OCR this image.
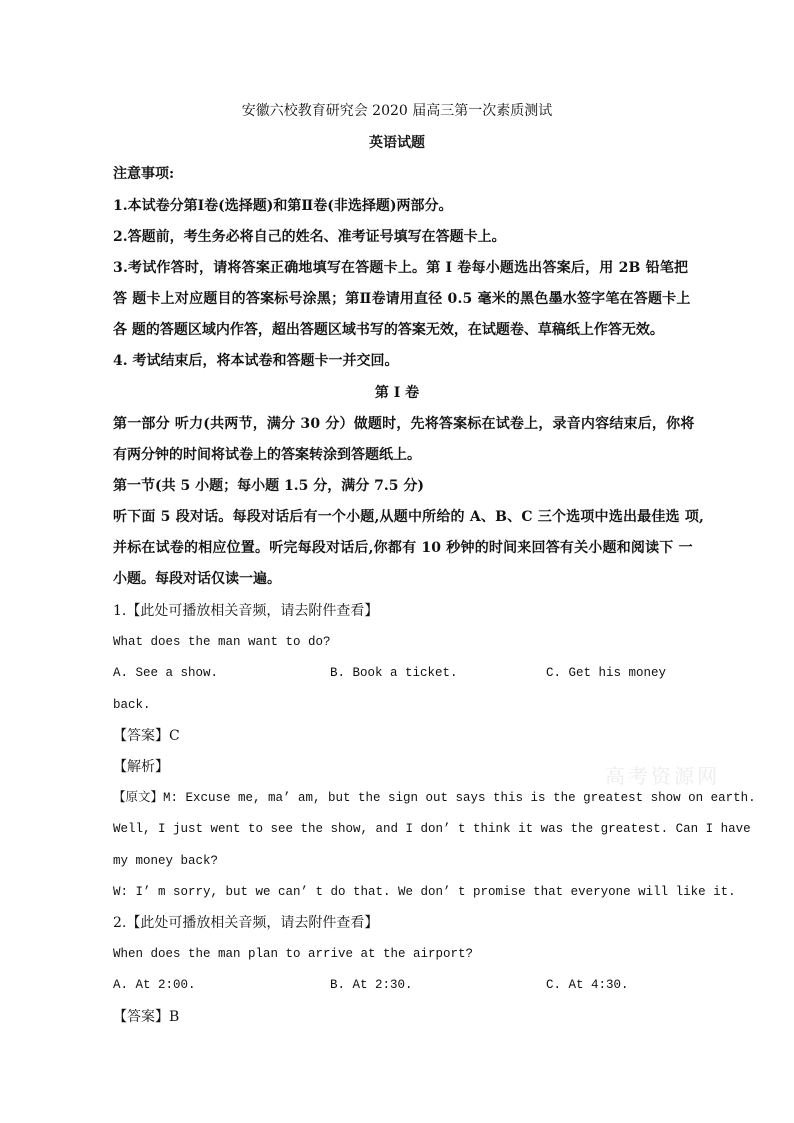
安徽六校教育研究会 2020 届高三第一次素质测试
英语试题
注意事项:
1.本试卷分第Ⅰ卷(选择题)和第Ⅱ卷(非选择题)两部分。
2.答题前，考生务必将自己的姓名、准考证号填写在答题卡上。
3.考试作答时，请将答案正确地填写在答题卡上。第 I 卷每小题选出答案后，用 2B 铅笔把
答 题卡上对应题目的答案标号涂黑；第Ⅱ卷请用直径 0.5 毫米的黑色墨水签字笔在答题卡上
各 题的答题区域内作答，超出答题区域书写的答案无效，在试题卷、草稿纸上作答无效。
4. 考试结束后，将本试卷和答题卡一并交回。
第 I 卷
第一部分 听力(共两节，满分 30 分）做题时，先将答案标在试卷上，录音内容结束后，你将
有两分钟的时间将试卷上的答案转涂到答题纸上。
第一节(共 5 小题；每小题 1.5 分，满分 7.5 分)
听下面 5 段对话。每段对话后有一个小题,从题中所给的 A、B、C 三个选项中选出最佳选 项,
并标在试卷的相应位置。听完每段对话后,你都有 10 秒钟的时间来回答有关小题和阅读下 一
小题。每段对话仅读一遍。
1.【此处可播放相关音频，请去附件查看】
What does the man want to do?
A. See a show.	B. Book a ticket.	C. Get his money
back.
【答案】C
【解析】
【原文】M: Excuse me, ma’ am, but the sign out says this is the greatest show on earth.
Well, I just went to see the show, and I don’ t think it was the greatest. Can I have
my money back?
W: I’ m sorry, but we can’ t do that. We don’ t promise that everyone will like it.
2.【此处可播放相关音频，请去附件查看】
When does the man plan to arrive at the airport?
A. At 2:00.	B. At 2:30.	C. At 4:30.
【答案】B
高考资源网
